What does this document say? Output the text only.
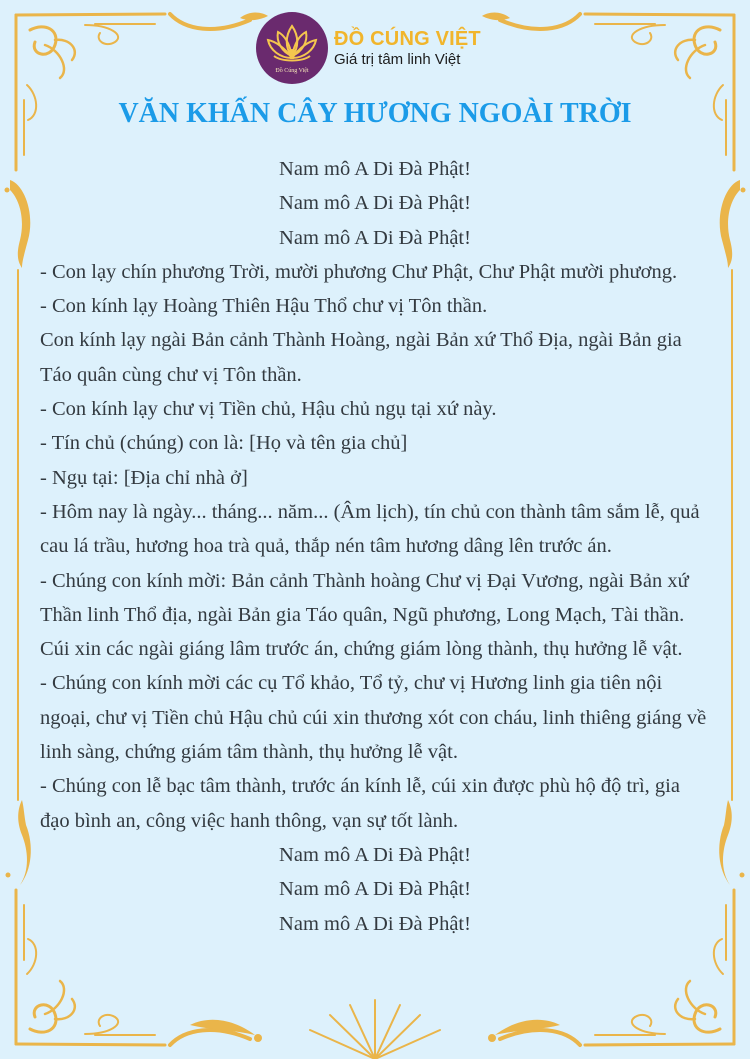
Đồ Cúng Việt
ĐỒ CÚNG VIỆT
Giá trị tâm linh Việt
VĂN KHẤN CÂY HƯƠNG NGOÀI TRỜI

Nam mô A Di Đà Phật!

Nam mô A Di Đà Phật!

Nam mô A Di Đà Phật!

- Con lạy chín phương Trời, mười phương Chư Phật, Chư Phật mười phương.

- Con kính lạy Hoàng Thiên Hậu Thổ chư vị Tôn thần.

Con kính lạy ngài Bản cảnh Thành Hoàng, ngài Bản xứ Thổ Địa, ngài Bản gia Táo quân cùng chư vị Tôn thần.

- Con kính lạy chư vị Tiền chủ, Hậu chủ ngụ tại xứ này.

- Tín chủ (chúng) con là: [Họ và tên gia chủ]

- Ngụ tại: [Địa chỉ nhà ở]

- Hôm nay là ngày... tháng... năm... (Âm lịch), tín chủ con thành tâm sắm lễ, quả cau lá trầu, hương hoa trà quả, thắp nén tâm hương dâng lên trước án.

- Chúng con kính mời: Bản cảnh Thành hoàng Chư vị Đại Vương, ngài Bản xứ Thần linh Thổ địa, ngài Bản gia Táo quân, Ngũ phương, Long Mạch, Tài thần. Cúi xin các ngài giáng lâm trước án, chứng giám lòng thành, thụ hưởng lễ vật.

- Chúng con kính mời các cụ Tổ khảo, Tổ tỷ, chư vị Hương linh gia tiên nội ngoại, chư vị Tiền chủ Hậu chủ cúi xin thương xót con cháu, linh thiêng giáng về linh sàng, chứng giám tâm thành, thụ hưởng lễ vật.

- Chúng con lễ bạc tâm thành, trước án kính lễ, cúi xin được phù hộ độ trì, gia đạo bình an, công việc hanh thông, vạn sự tốt lành.

Nam mô A Di Đà Phật!

Nam mô A Di Đà Phật!

Nam mô A Di Đà Phật!
